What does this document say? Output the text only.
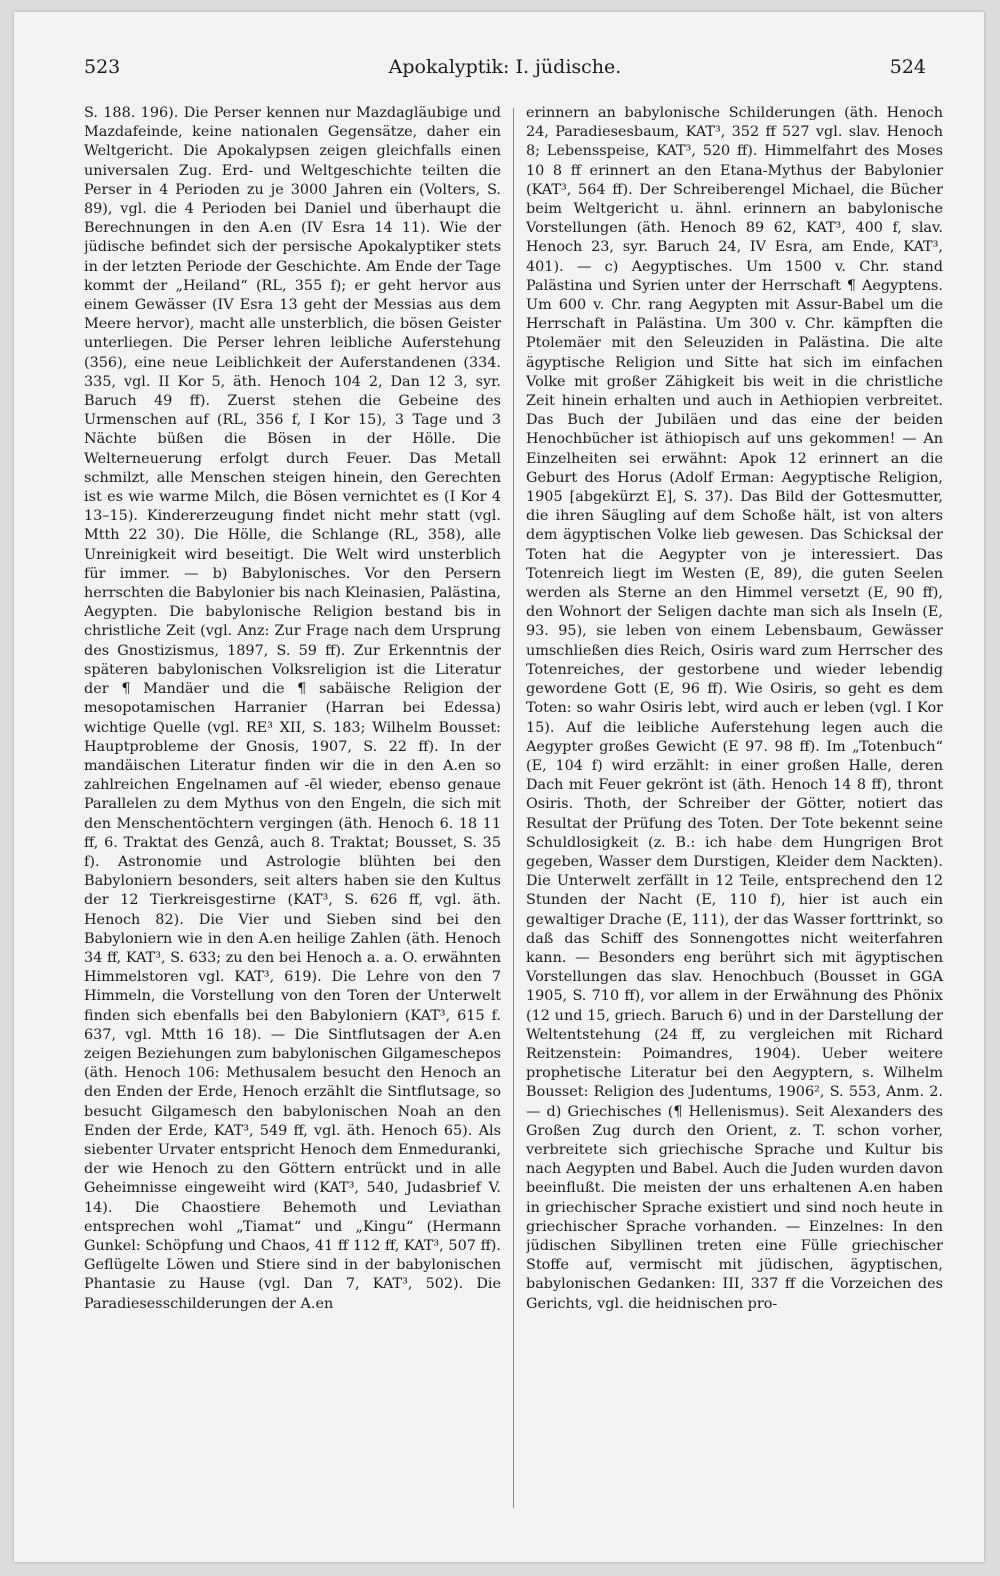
523	Apokalyptik: I. jüdische.	524

S. 188. 196). Die Perser kennen nur Mazdagläubige und Mazdafeinde, keine nationalen Gegensätze, daher ein Weltgericht. Die Apokalypsen zeigen gleichfalls einen universalen Zug. Erd- und Weltgeschichte teilten die Perser in 4 Perioden zu je 3000 Jahren ein (Volters, S. 89), vgl. die 4 Perioden bei Daniel und überhaupt die Berechnungen in den A.en (IV Esra 14 11). Wie der jüdische befindet sich der persische Apokalyptiker stets in der letzten Periode der Geschichte. Am Ende der Tage kommt der „Heiland“ (RL, 355 f); er geht hervor aus einem Gewässer (IV Esra 13 geht der Messias aus dem Meere hervor), macht alle unsterblich, die bösen Geister unterliegen. Die Perser lehren leibliche Auferstehung (356), eine neue Leiblichkeit der Auferstandenen (334. 335, vgl. II Kor 5, äth. Henoch 104 2, Dan 12 3, syr. Baruch 49 ff). Zuerst stehen die Gebeine des Urmenschen auf (RL, 356 f, I Kor 15), 3 Tage und 3 Nächte büßen die Bösen in der Hölle. Die Welterneuerung erfolgt durch Feuer. Das Metall schmilzt, alle Menschen steigen hinein, den Gerechten ist es wie warme Milch, die Bösen vernichtet es (I Kor 4 13–15). Kindererzeugung findet nicht mehr statt (vgl. Mtth 22 30). Die Hölle, die Schlange (RL, 358), alle Unreinigkeit wird beseitigt. Die Welt wird unsterblich für immer. — b) Babylonisches. Vor den Persern herrschten die Babylonier bis nach Kleinasien, Palästina, Aegypten. Die babylonische Religion bestand bis in christliche Zeit (vgl. Anz: Zur Frage nach dem Ursprung des Gnostizismus, 1897, S. 59 ff). Zur Erkenntnis der späteren babylonischen Volksreligion ist die Literatur der ¶ Mandäer und die ¶ sabäische Religion der mesopotamischen Harranier (Harran bei Edessa) wichtige Quelle (vgl. RE³ XII, S. 183; Wilhelm Bousset: Hauptprobleme der Gnosis, 1907, S. 22 ff). In der mandäischen Literatur finden wir die in den A.en so zahlreichen Engelnamen auf -ēl wieder, ebenso genaue Parallelen zu dem Mythus von den Engeln, die sich mit den Menschentöchtern vergingen (äth. Henoch 6. 18 11 ff, 6. Traktat des Genzâ, auch 8. Traktat; Bousset, S. 35 f). Astronomie und Astrologie blühten bei den Babyloniern besonders, seit alters haben sie den Kultus der 12 Tierkreisgestirne (KAT³, S. 626 ff, vgl. äth. Henoch 82). Die Vier und Sieben sind bei den Babyloniern wie in den A.en heilige Zahlen (äth. Henoch 34 ff, KAT³, S. 633; zu den bei Henoch a. a. O. erwähnten Himmelstoren vgl. KAT³, 619). Die Lehre von den 7 Himmeln, die Vorstellung von den Toren der Unterwelt finden sich ebenfalls bei den Babyloniern (KAT³, 615 f. 637, vgl. Mtth 16 18). — Die Sintflutsagen der A.en zeigen Beziehungen zum babylonischen Gilgameschepos (äth. Henoch 106: Methusalem besucht den Henoch an den Enden der Erde, Henoch erzählt die Sintflutsage, so besucht Gilgamesch den babylonischen Noah an den Enden der Erde, KAT³, 549 ff, vgl. äth. Henoch 65). Als siebenter Urvater entspricht Henoch dem Enmeduranki, der wie Henoch zu den Göttern entrückt und in alle Geheimnisse eingeweiht wird (KAT³, 540, Judasbrief V. 14). Die Chaostiere Behemoth und Leviathan entsprechen wohl „Tiamat“ und „Kingu“ (Hermann Gunkel: Schöpfung und Chaos, 41 ff 112 ff, KAT³, 507 ff). Geflügelte Löwen und Stiere sind in der babylonischen Phantasie zu Hause (vgl. Dan 7, KAT³, 502). Die Paradiesesschilderungen der A.en

erinnern an babylonische Schilderungen (äth. Henoch 24, Paradiesesbaum, KAT³, 352 ff 527 vgl. slav. Henoch 8; Lebensspeise, KAT³, 520 ff). Himmelfahrt des Moses 10 8 ff erinnert an den Etana-Mythus der Babylonier (KAT³, 564 ff). Der Schreiberengel Michael, die Bücher beim Weltgericht u. ähnl. erinnern an babylonische Vorstellungen (äth. Henoch 89 62, KAT³, 400 f, slav. Henoch 23, syr. Baruch 24, IV Esra, am Ende, KAT³, 401). — c) Aegyptisches. Um 1500 v. Chr. stand Palästina und Syrien unter der Herrschaft ¶ Aegyptens. Um 600 v. Chr. rang Aegypten mit Assur-Babel um die Herrschaft in Palästina. Um 300 v. Chr. kämpften die Ptolemäer mit den Seleuziden in Palästina. Die alte ägyptische Religion und Sitte hat sich im einfachen Volke mit großer Zähigkeit bis weit in die christliche Zeit hinein erhalten und auch in Aethiopien verbreitet. Das Buch der Jubiläen und das eine der beiden Henochbücher ist äthiopisch auf uns gekommen! — An Einzelheiten sei erwähnt: Apok 12 erinnert an die Geburt des Horus (Adolf Erman: Aegyptische Religion, 1905 [abgekürzt E], S. 37). Das Bild der Gottesmutter, die ihren Säugling auf dem Schoße hält, ist von alters dem ägyptischen Volke lieb gewesen. Das Schicksal der Toten hat die Aegypter von je interessiert. Das Totenreich liegt im Westen (E, 89), die guten Seelen werden als Sterne an den Himmel versetzt (E, 90 ff), den Wohnort der Seligen dachte man sich als Inseln (E, 93. 95), sie leben von einem Lebensbaum, Gewässer umschließen dies Reich, Osiris ward zum Herrscher des Totenreiches, der gestorbene und wieder lebendig gewordene Gott (E, 96 ff). Wie Osiris, so geht es dem Toten: so wahr Osiris lebt, wird auch er leben (vgl. I Kor 15). Auf die leibliche Auferstehung legen auch die Aegypter großes Gewicht (E 97. 98 ff). Im „Totenbuch“ (E, 104 f) wird erzählt: in einer großen Halle, deren Dach mit Feuer gekrönt ist (äth. Henoch 14 8 ff), thront Osiris. Thoth, der Schreiber der Götter, notiert das Resultat der Prüfung des Toten. Der Tote bekennt seine Schuldlosigkeit (z. B.: ich habe dem Hungrigen Brot gegeben, Wasser dem Durstigen, Kleider dem Nackten). Die Unterwelt zerfällt in 12 Teile, entsprechend den 12 Stunden der Nacht (E, 110 f), hier ist auch ein gewaltiger Drache (E, 111), der das Wasser forttrinkt, so daß das Schiff des Sonnengottes nicht weiterfahren kann. — Besonders eng berührt sich mit ägyptischen Vorstellungen das slav. Henochbuch (Bousset in GGA 1905, S. 710 ff), vor allem in der Erwähnung des Phönix (12 und 15, griech. Baruch 6) und in der Darstellung der Weltentstehung (24 ff, zu vergleichen mit Richard Reitzenstein: Poimandres, 1904). Ueber weitere prophetische Literatur bei den Aegyptern, s. Wilhelm Bousset: Religion des Judentums, 1906², S. 553, Anm. 2. — d) Griechisches (¶ Hellenismus). Seit Alexanders des Großen Zug durch den Orient, z. T. schon vorher, verbreitete sich griechische Sprache und Kultur bis nach Aegypten und Babel. Auch die Juden wurden davon beeinflußt. Die meisten der uns erhaltenen A.en haben in griechischer Sprache existiert und sind noch heute in griechischer Sprache vorhanden. — Einzelnes: In den jüdischen Sibyllinen treten eine Fülle griechischer Stoffe auf, vermischt mit jüdischen, ägyptischen, babylonischen Gedanken: III, 337 ff die Vorzeichen des Gerichts, vgl. die heidnischen pro-
